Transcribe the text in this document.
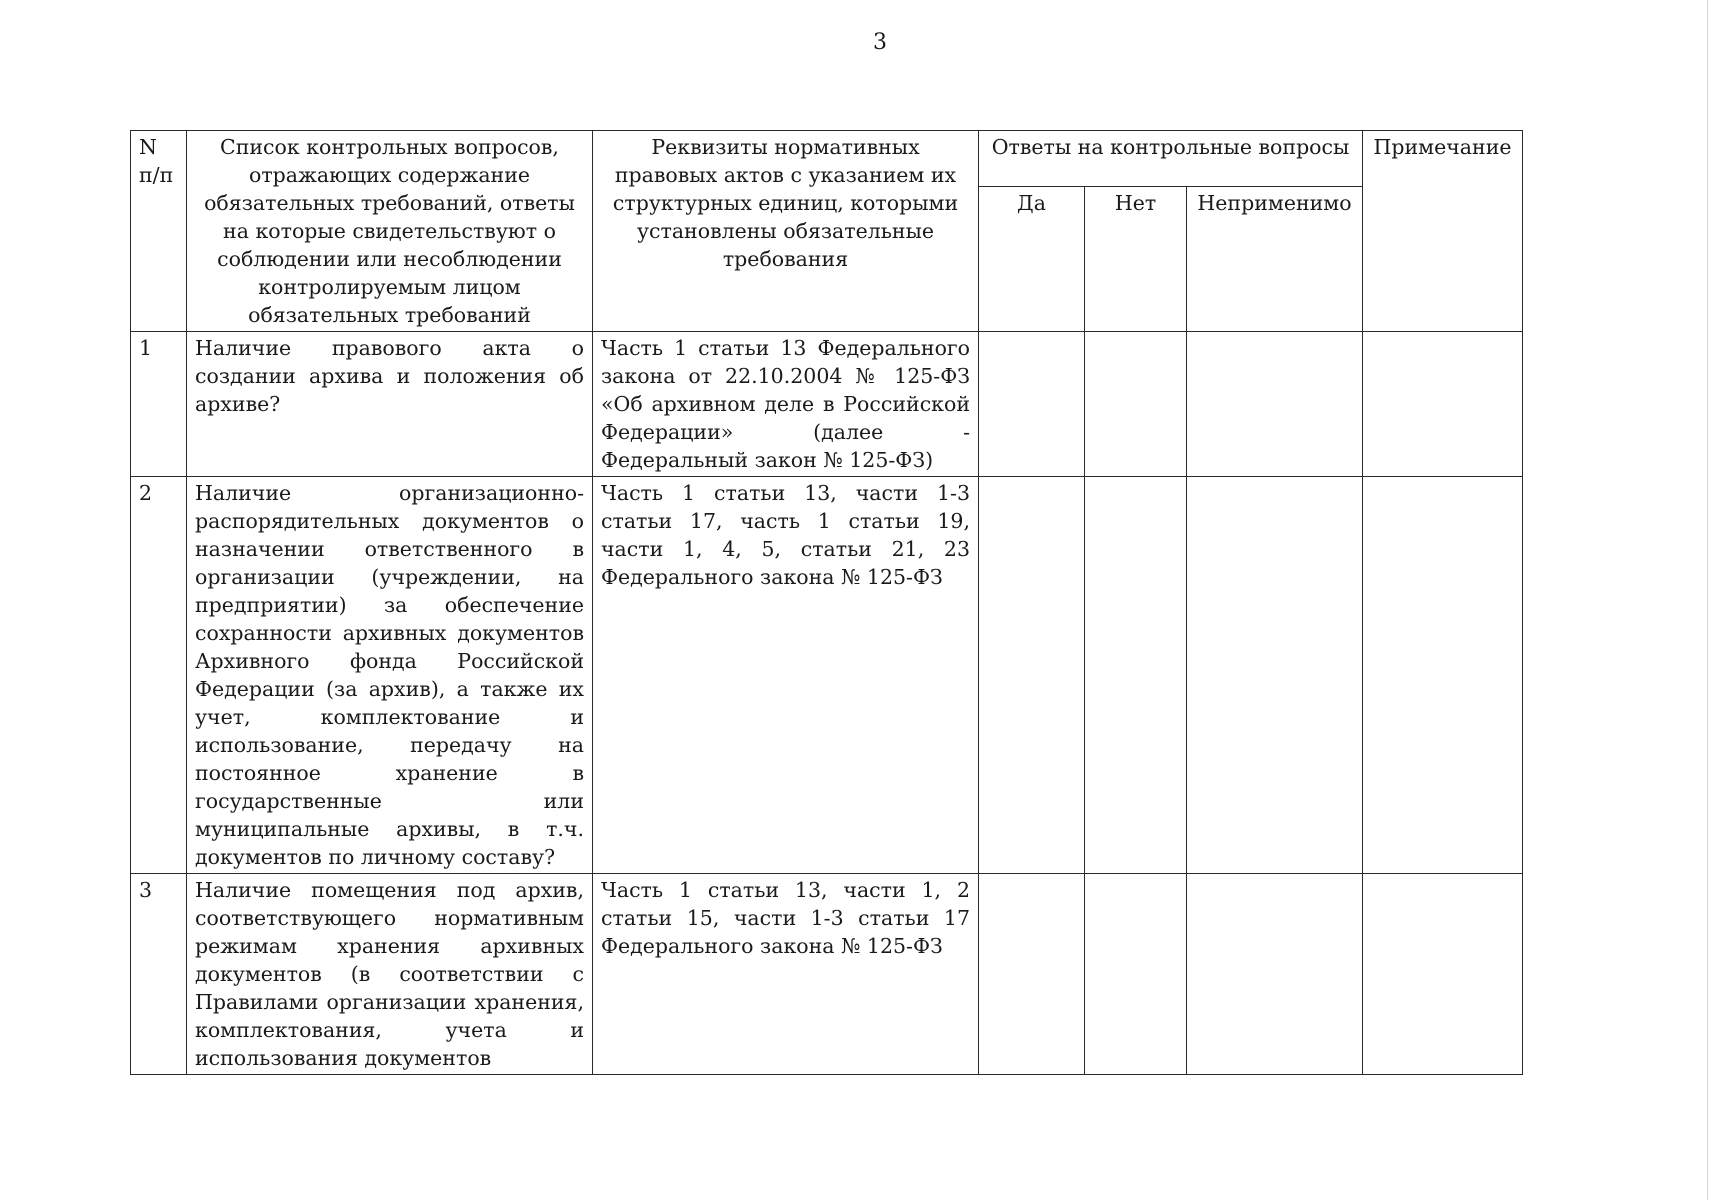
3
N п/п	Список контрольных вопросов, отражающих содержание обязательных требований, ответы на которые свидетельствуют о соблюдении или несоблюдении контролируемым лицом обязательных требований	Реквизиты нормативных правовых актов с указанием их структурных единиц, которыми установлены обязательные требования	Ответы на контрольные вопросы			Примечание
			Да	Нет	Неприменимо	
1	Наличие правового акта о создании архива и положения об архиве?	Часть 1 статьи 13 Федерального закона от 22.10.2004 № 125-ФЗ «Об архивном деле в Российской Федерации» (далее - Федеральный закон № 125-ФЗ)				
2	Наличие организационно-распорядительных документов о назначении ответственного в организации (учреждении, на предприятии) за обеспечение сохранности архивных документов Архивного фонда Российской Федерации (за архив), а также их учет, комплектование и использование, передачу на постоянное хранение в государственные или муниципальные архивы, в т.ч. документов по личному составу?	Часть 1 статьи 13, части 1-3 статьи 17, часть 1 статьи 19, части 1, 4, 5, статьи 21, 23 Федерального закона № 125-ФЗ				
3	Наличие помещения под архив, соответствующего нормативным режимам хранения архивных документов (в соответствии с Правилами организации хранения, комплектования, учета и использования документов	Часть 1 статьи 13, части 1, 2 статьи 15, части 1-3 статьи 17 Федерального закона № 125-ФЗ				
